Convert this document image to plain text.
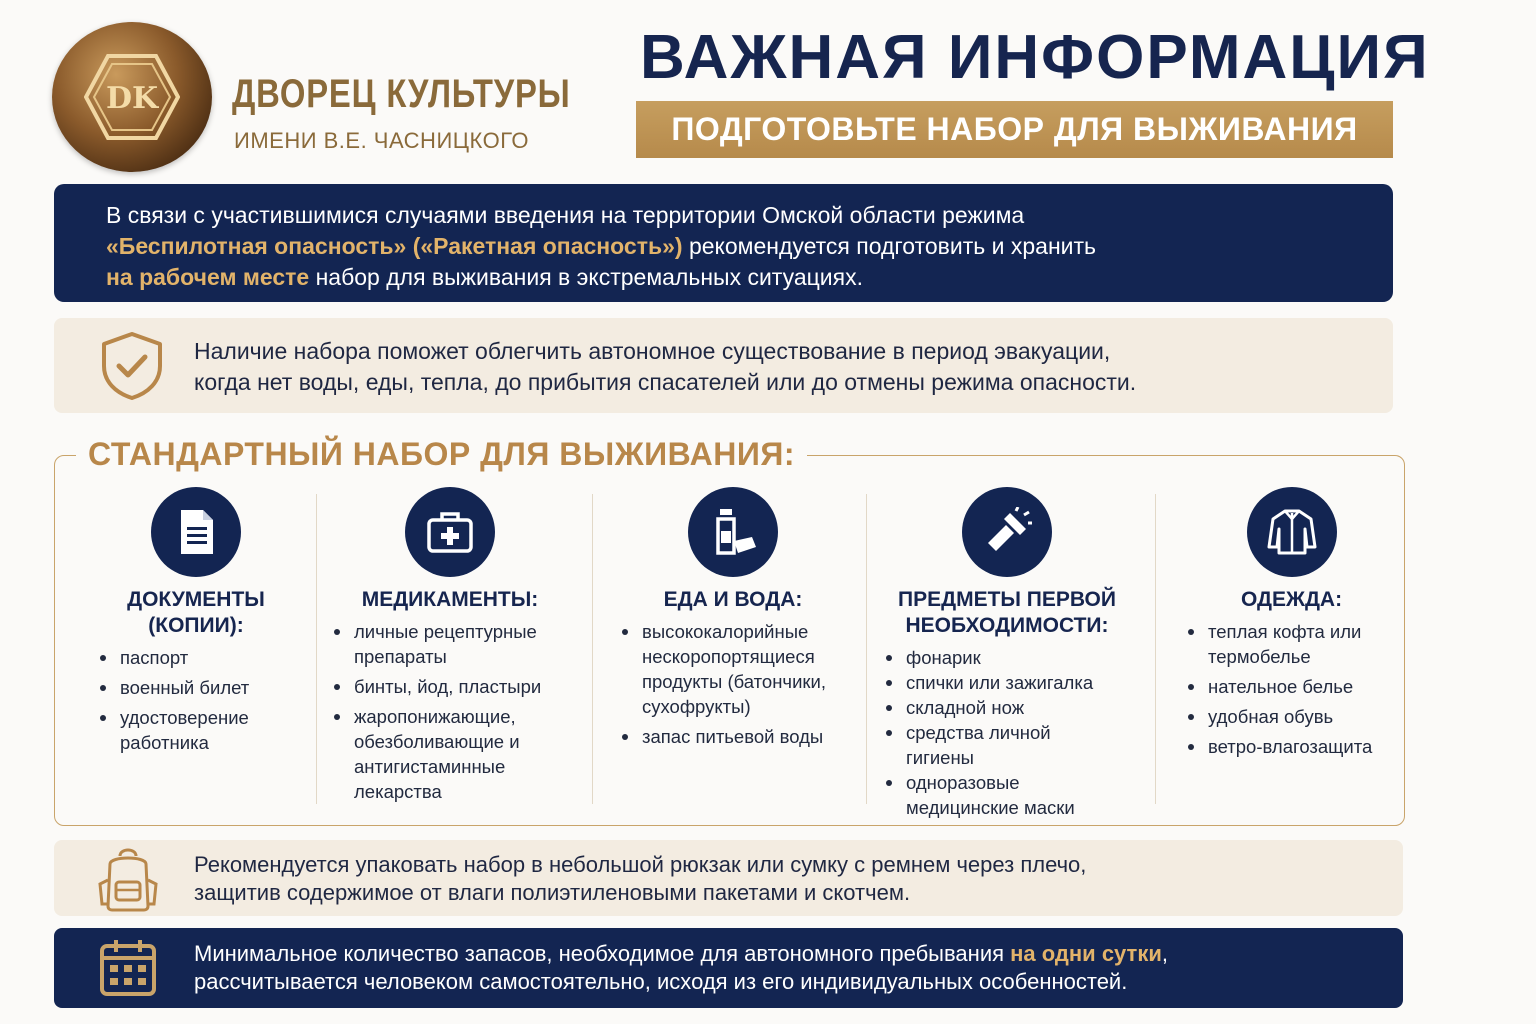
DK ДВОРЕЦ КУЛЬТУРЫ
ИМЕНИ В.Е. ЧАСНИЦКОГО
ВАЖНАЯ ИНФОРМАЦИЯ
ПОДГОТОВЬТЕ НАБОР ДЛЯ ВЫЖИВАНИЯ
В связи с участившимися случаями введения на территории Омской области режима
«Беспилотная опасность» («Ракетная опасность») рекомендуется подготовить и хранить
на рабочем месте набор для выживания в экстремальных ситуациях.
Наличие набора поможет облегчить автономное существование в период эвакуации,
когда нет воды, еды, тепла, до прибытия спасателей или до отмены режима опасности.
СТАНДАРТНЫЙ НАБОР ДЛЯ ВЫЖИВАНИЯ:
ДОКУМЕНТЫ
(КОПИИ):
паспорт
военный билет
удостоверение работника
МЕДИКАМЕНТЫ:
личные рецептурные препараты
бинты, йод, пластыри
жаропонижающие, обезболивающие и антигистаминные лекарства
ЕДА И ВОДА:
высококалорийные нескоропортящиеся продукты (батончики, сухофрукты)
запас питьевой воды
ПРЕДМЕТЫ ПЕРВОЙ
НЕОБХОДИМОСТИ:
фонарик
спички или зажигалка
складной нож
средства личной гигиены
одноразовые медицинские маски
ОДЕЖДА:
теплая кофта или термобелье
нательное белье
удобная обувь
ветро-влагозащита
Рекомендуется упаковать набор в небольшой рюкзак или сумку с ремнем через плечо,
защитив содержимое от влаги полиэтиленовыми пакетами и скотчем.
Минимальное количество запасов, необходимое для автономного пребывания на одни сутки,
рассчитывается человеком самостоятельно, исходя из его индивидуальных особенностей.
